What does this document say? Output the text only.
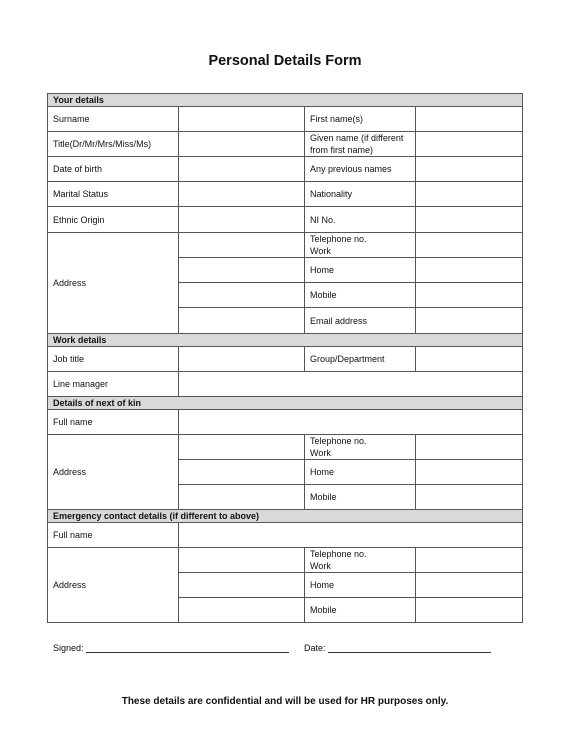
Personal Details Form
Your details			
Surname		First name(s)	
Title(Dr/Mr/Mrs/Miss/Ms)		Given name (if different
from first name)	
Date of birth		Any previous names	
Marital Status		Nationality	
Ethnic Origin		NI No.	
Address		Telephone no.
Work	
		Home	
		Mobile	
		Email address	
Work details			
Job title		Group/Department	
Line manager			
Details of next of kin			
Full name			
Address		Telephone no.
Work	
		Home	
		Mobile	
Emergency contact details (if different to above)			
Full name			
Address		Telephone no.
Work	
		Home	
		Mobile	
Signed:	Date:
These details are confidential and will be used for HR purposes only.
